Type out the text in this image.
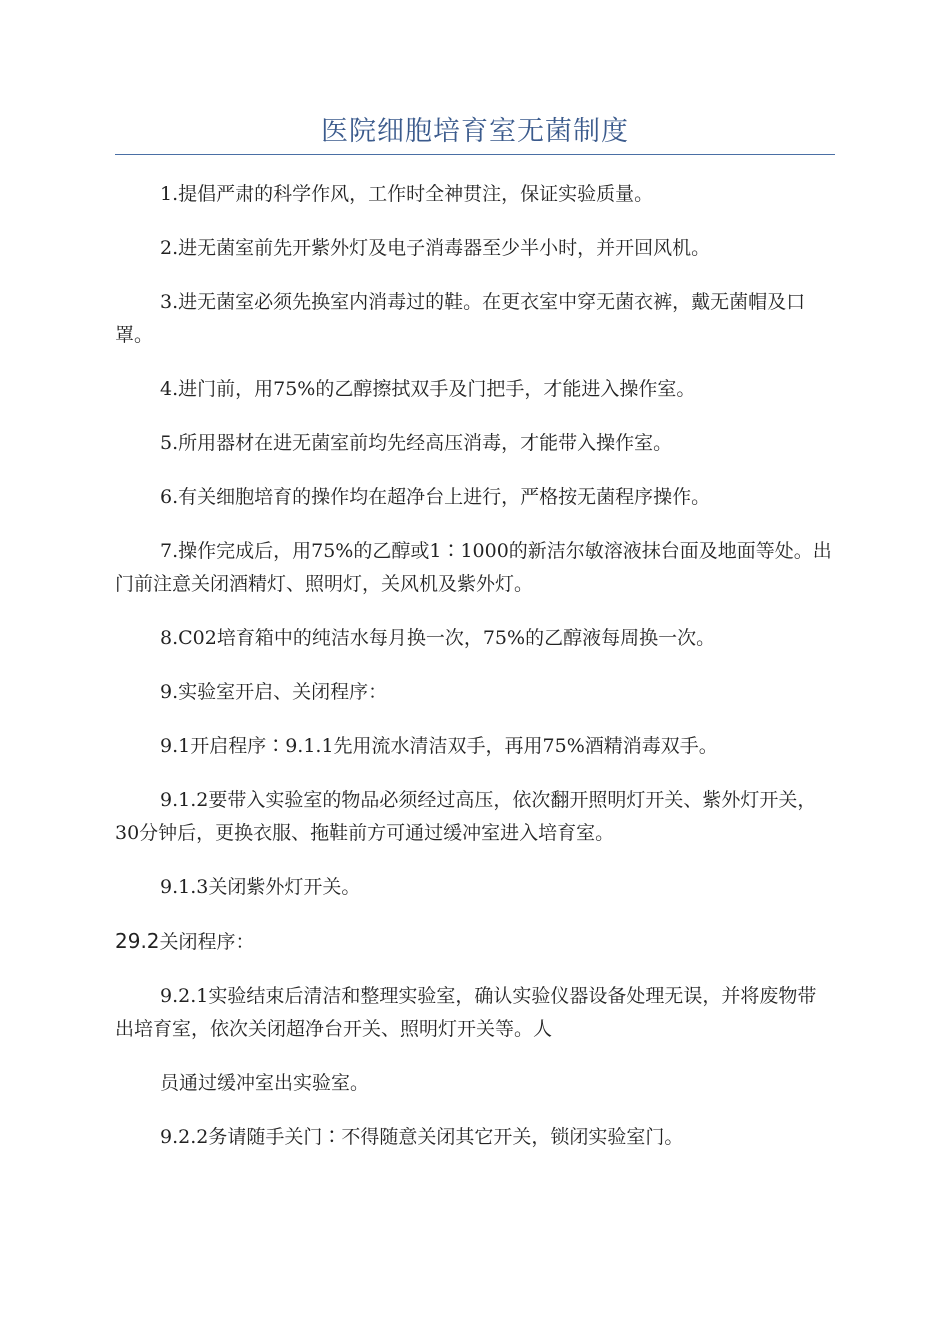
医院细胞培育室无菌制度

1.提倡严肃的科学作风，工作时全神贯注，保证实验质量。

2.进无菌室前先开紫外灯及电子消毒器至少半小时，并开回风机。

3.进无菌室必须先换室内消毒过的鞋。在更衣室中穿无菌衣裤，戴无菌帽及口罩。

4.进门前，用75%的乙醇擦拭双手及门把手，才能进入操作室。

5.所用器材在进无菌室前均先经高压消毒，才能带入操作室。

6.有关细胞培育的操作均在超净台上进行，严格按无菌程序操作。

7.操作完成后，用75%的乙醇或1∶1000的新洁尔敏溶液抹台面及地面等处。出门前注意关闭酒精灯、照明灯，关风机及紫外灯。

8.C02培育箱中的纯洁水每月换一次，75%的乙醇液每周换一次。

9.实验室开启、关闭程序：

9.1开启程序∶9.1.1先用流水清洁双手，再用75%酒精消毒双手。

9.1.2要带入实验室的物品必须经过高压，依次翻开照明灯开关、紫外灯开关，30分钟后，更换衣服、拖鞋前方可通过缓冲室进入培育室。

9.1.3关闭紫外灯开关。

29.2关闭程序：

9.2.1实验结束后清洁和整理实验室，确认实验仪器设备处理无误，并将废物带出培育室，依次关闭超净台开关、照明灯开关等。人

员通过缓冲室出实验室。

9.2.2务请随手关门∶不得随意关闭其它开关，锁闭实验室门。
